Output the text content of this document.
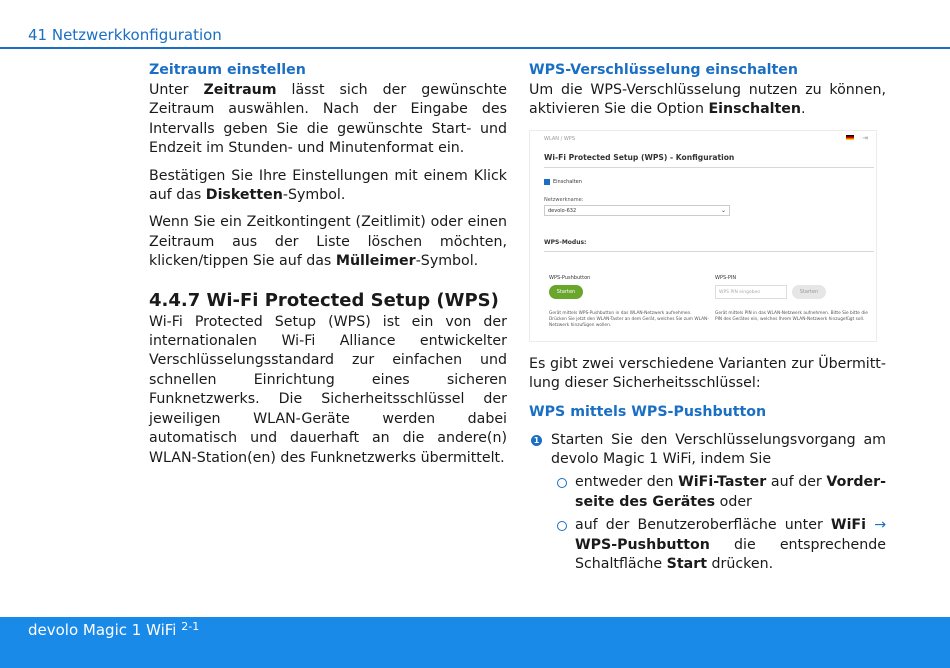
41 Netzwerkkonfiguration
Zeitraum einstellen

Unter Zeitraum lässt sich der gewünschte Zeitraum auswählen. Nach der Eingabe des Intervalls geben Sie die gewünschte Start- und Endzeit im Stunden- und Minutenformat ein.

Bestätigen Sie Ihre Einstellungen mit einem Klick auf das Disketten-Symbol.

Wenn Sie ein Zeitkontingent (Zeitlimit) oder einen Zeitraum aus der Liste löschen möchten, klicken/tippen Sie auf das Mülleimer-Symbol.

4.4.7 Wi-Fi Protected Setup (WPS)

Wi-Fi Protected Setup (WPS) ist ein von der internationalen Wi-Fi Alliance entwickelter Verschlüsselungsstandard zur einfachen und schnellen Einrichtung eines sicheren Funknetzwerks. Die Sicherheitsschlüssel der jeweiligen WLAN-Geräte werden dabei automatisch und dauerhaft an die andere(n) WLAN-Station(en) des Funknetzwerks übermittelt.

WPS-Verschlüsselung einschalten

Um die WPS-Verschlüsselung nutzen zu können, aktivieren Sie die Option Einschalten.

WLAN / WPS	⇥
Wi-Fi Protected Setup (WPS) - Konfiguration
Einschalten
Netzwerkname:
devolo-632	⌄
WPS-Modus:
WPS-Pushbutton
Starten
WPS-PIN
WPS PIN eingeben	Starten
Gerät mittels WPS-Pushbutton in das WLAN-Netzwerk aufnehmen. Drücken Sie jetzt den WLAN-Taster an dem Gerät, welches Sie zum WLAN-Netzwerk hinzufügen wollen.
Gerät mittels PIN in das WLAN-Netzwerk aufnehmen. Bitte Sie bitte die PIN des Gerätes ein, welches Ihrem WLAN-Netzwerk hinzugefügt soll.

Es gibt zwei verschiedene Varianten zur Übermitt-lung dieser Sicherheitsschlüssel:

WPS mittels WPS-Pushbutton
1 Starten Sie den Verschlüsselungsvorgang am devolo Magic 1 WiFi, indem Sie

entweder den WiFi-Taster auf der Vorder-seite des Gerätes oder

auf der Benutzeroberfläche unter WiFi → WPS-Pushbutton die entsprechende Schaltfläche Start drücken.

devolo Magic 1 WiFi $^{2-1}$
